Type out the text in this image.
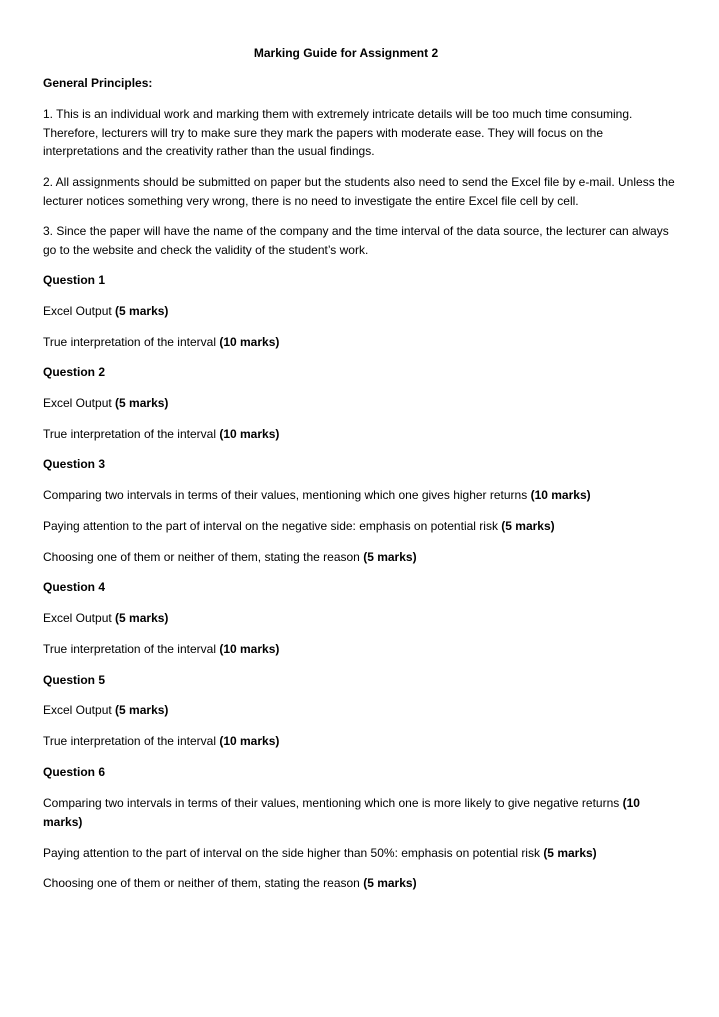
Marking Guide for Assignment 2

General Principles:

1. This is an individual work and marking them with extremely intricate details will be too much time consuming. Therefore, lecturers will try to make sure they mark the papers with moderate ease. They will focus on the interpretations and the creativity rather than the usual findings.

2. All assignments should be submitted on paper but the students also need to send the Excel file by e-mail. Unless the lecturer notices something very wrong, there is no need to investigate the entire Excel file cell by cell.

3. Since the paper will have the name of the company and the time interval of the data source, the lecturer can always go to the website and check the validity of the student’s work.

Question 1

Excel Output (5 marks)

True interpretation of the interval (10 marks)

Question 2

Excel Output (5 marks)

True interpretation of the interval (10 marks)

Question 3

Comparing two intervals in terms of their values, mentioning which one gives higher returns (10 marks)

Paying attention to the part of interval on the negative side: emphasis on potential risk (5 marks)

Choosing one of them or neither of them, stating the reason (5 marks)

Question 4

Excel Output (5 marks)

True interpretation of the interval (10 marks)

Question 5

Excel Output (5 marks)

True interpretation of the interval (10 marks)

Question 6

Comparing two intervals in terms of their values, mentioning which one is more likely to give negative returns (10 marks)

Paying attention to the part of interval on the side higher than 50%: emphasis on potential risk (5 marks)

Choosing one of them or neither of them, stating the reason (5 marks)
